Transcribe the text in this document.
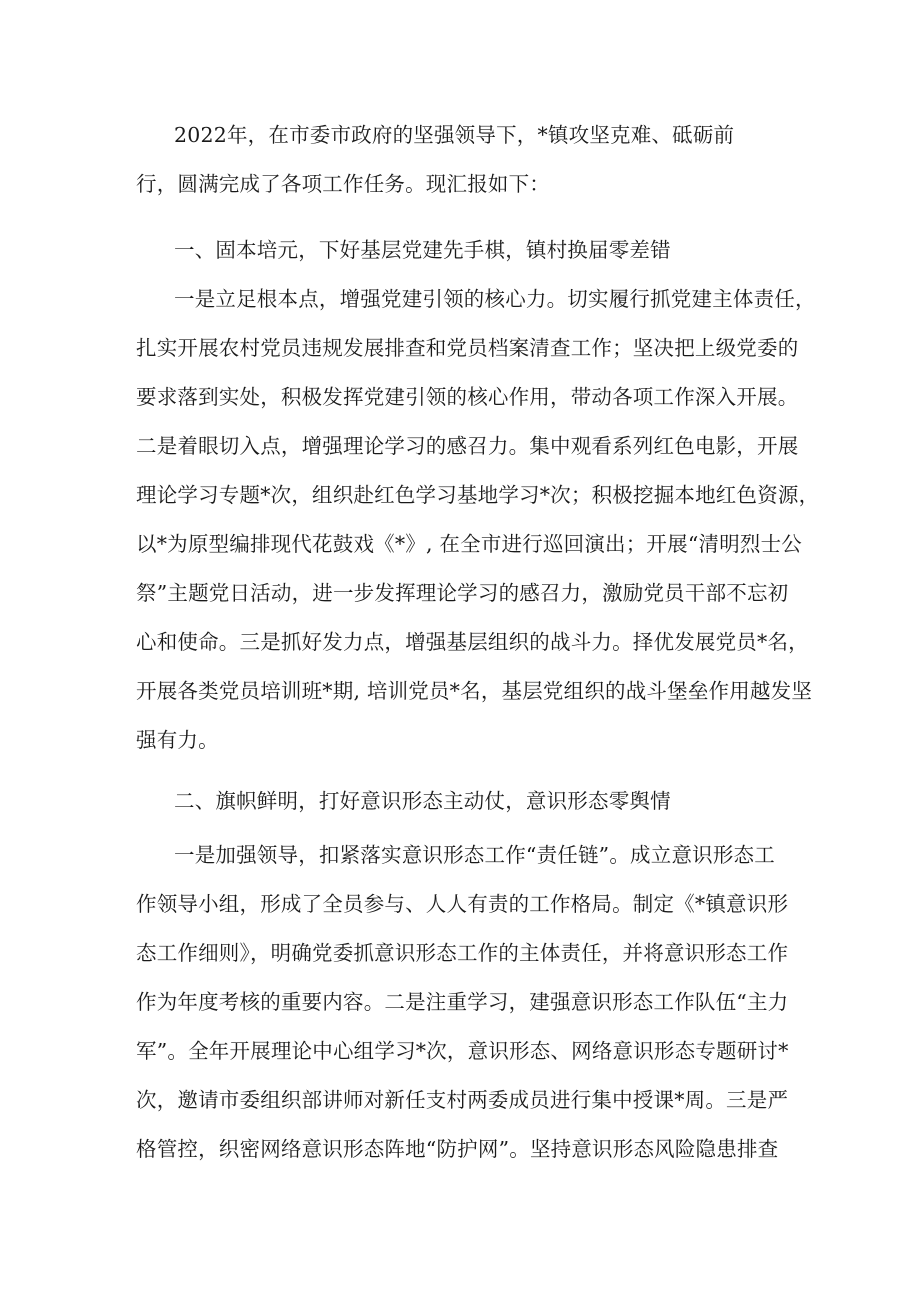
2022年，在市委市政府的坚强领导下，*镇攻坚克难、砥砺前
行，圆满完成了各项工作任务。现汇报如下：
一、固本培元，下好基层党建先手棋，镇村换届零差错
一是立足根本点，增强党建引领的核心力。切实履行抓党建主体责任，
扎实开展农村党员违规发展排查和党员档案清查工作；坚决把上级党委的
要求落到实处，积极发挥党建引领的核心作用，带动各项工作深入开展。
二是着眼切入点，增强理论学习的感召力。集中观看系列红色电影，开展
理论学习专题*次，组织赴红色学习基地学习*次；积极挖掘本地红色资源，
以*为原型编排现代花鼓戏《*》, 在全市进行巡回演出；开展“清明烈士公
祭”主题党日活动，进一步发挥理论学习的感召力，激励党员干部不忘初
心和使命。三是抓好发力点，增强基层组织的战斗力。择优发展党员*名，
开展各类党员培训班*期, 培训党员*名，基层党组织的战斗堡垒作用越发坚
强有力。
二、旗帜鲜明，打好意识形态主动仗，意识形态零舆情
一是加强领导，扣紧落实意识形态工作“责任链”。成立意识形态工
作领导小组，形成了全员参与、人人有责的工作格局。制定《*镇意识形
态工作细则》，明确党委抓意识形态工作的主体责任，并将意识形态工作
作为年度考核的重要内容。二是注重学习，建强意识形态工作队伍“主力
军”。全年开展理论中心组学习*次，意识形态、网络意识形态专题研讨*
次，邀请市委组织部讲师对新任支村两委成员进行集中授课*周。三是严
格管控，织密网络意识形态阵地“防护网”。坚持意识形态风险隐患排查
